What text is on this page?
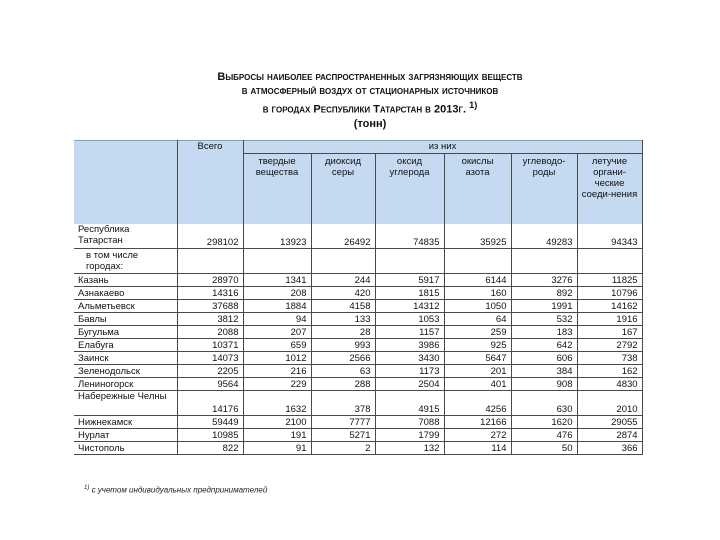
Выбросы наиболее распространенных загрязняющих веществ
в атмосферный воздух от стационарных источников
в городах Республики Татарстан в 2013г. $^{1)}$
(тонн)
	Всего	из них					
		твердые вещества	диоксид серы	оксид углерода	окислы азота	углеводо-роды	летучие органи-ческие соеди-нения
Республика Татарстан	298102	13923	26492	74835	35925	49283	94343
в том числе городах:							
Казань	28970	1341	244	5917	6144	3276	11825
Азнакаево	14316	208	420	1815	160	892	10796
Альметьевск	37688	1884	4158	14312	1050	1991	14162
Бавлы	3812	94	133	1053	64	532	1916
Бугульма	2088	207	28	1157	259	183	167
Елабуга	10371	659	993	3986	925	642	2792
Заинск	14073	1012	2566	3430	5647	606	738
Зеленодольск	2205	216	63	1173	201	384	162
Лениногорск	9564	229	288	2504	401	908	4830
Набережные Челны	14176	1632	378	4915	4256	630	2010
Нижнекамск	59449	2100	7777	7088	12166	1620	29055
Нурлат	10985	191	5271	1799	272	476	2874
Чистополь	822	91	2	132	114	50	366
$^{1)}$ с учетом индивидуальных предпринимателей
